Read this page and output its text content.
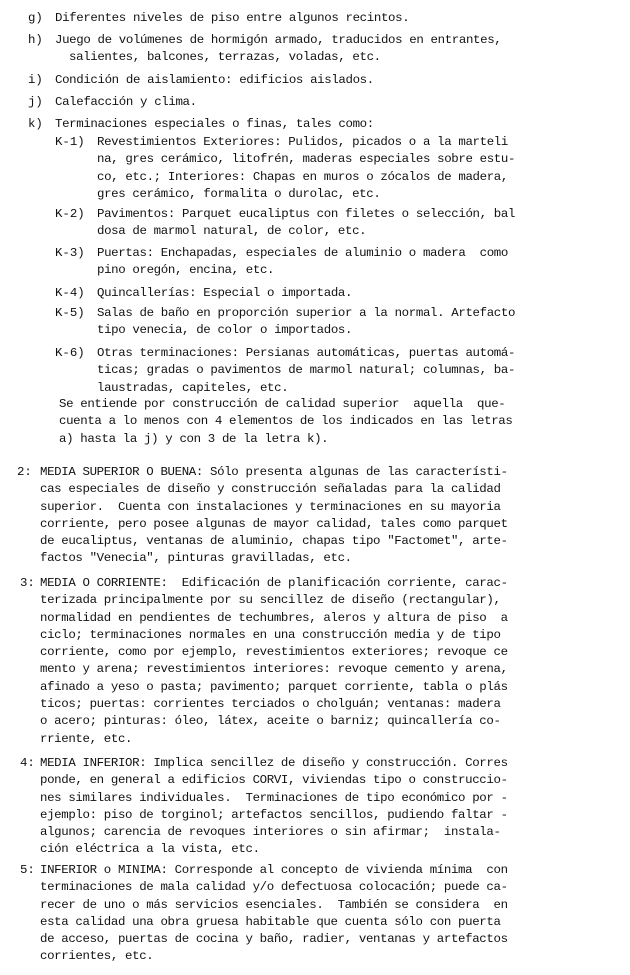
g) Diferentes niveles de piso entre algunos recintos.
h) Juego de volúmenes de hormigón armado, traducidos en entrantes,
salientes, balcones, terrazas, voladas, etc.
i) Condición de aislamiento: edificios aislados.
j) Calefacción y clima.
k) Terminaciones especiales o finas, tales como:
K-1) Revestimientos Exteriores: Pulidos, picados o a la marteli
na, gres cerámico, litofrén, maderas especiales sobre estu-
co, etc.; Interiores: Chapas en muros o zócalos de madera,
gres cerámico, formalita o durolac, etc.
K-2) Pavimentos: Parquet eucaliptus con filetes o selección, bal
dosa de marmol natural, de color, etc.
K-3) Puertas: Enchapadas, especiales de aluminio o madera  como
pino oregón, encina, etc.
K-4) Quincallerías: Especial o importada.
K-5) Salas de baño en proporción superior a la normal. Artefacto
tipo venecia, de color o importados.
K-6) Otras terminaciones: Persianas automáticas, puertas automá-
ticas; gradas o pavimentos de marmol natural; columnas, ba-
laustradas, capiteles, etc.
Se entiende por construcción de calidad superior  aquella  que-
cuenta a lo menos con 4 elementos de los indicados en las letras
a) hasta la j) y con 3 de la letra k).
2: MEDIA SUPERIOR O BUENA: Sólo presenta algunas de las característi-
cas especiales de diseño y construcción señaladas para la calidad
superior.  Cuenta con instalaciones y terminaciones en su mayoria
corriente, pero posee algunas de mayor calidad, tales como parquet
de eucaliptus, ventanas de aluminio, chapas tipo "Factomet", arte-
factos "Venecia", pinturas gravilladas, etc.
3: MEDIA O CORRIENTE:  Edificación de planificación corriente, carac-
terizada principalmente por su sencillez de diseño (rectangular),
normalidad en pendientes de techumbres, aleros y altura de piso  a
ciclo; terminaciones normales en una construcción media y de tipo
corriente, como por ejemplo, revestimientos exteriores; revoque ce
mento y arena; revestimientos interiores: revoque cemento y arena,
afinado a yeso o pasta; pavimento; parquet corriente, tabla o plás
ticos; puertas: corrientes terciados o cholguán; ventanas: madera
o acero; pinturas: óleo, látex, aceite o barniz; quincallería co-
rriente, etc.
4: MEDIA INFERIOR: Implica sencillez de diseño y construcción. Corres
ponde, en general a edificios CORVI, viviendas tipo o construccio-
nes similares individuales.  Terminaciones de tipo económico por -
ejemplo: piso de torginol; artefactos sencillos, pudiendo faltar -
algunos; carencia de revoques interiores o sin afirmar;  instala-
ción eléctrica a la vista, etc.
5: INFERIOR o MINIMA: Corresponde al concepto de vivienda mínima  con
terminaciones de mala calidad y/o defectuosa colocación; puede ca-
recer de uno o más servicios esenciales.  También se considera  en
esta calidad una obra gruesa habitable que cuenta sólo con puerta
de acceso, puertas de cocina y baño, radier, ventanas y artefactos
corrientes, etc.
